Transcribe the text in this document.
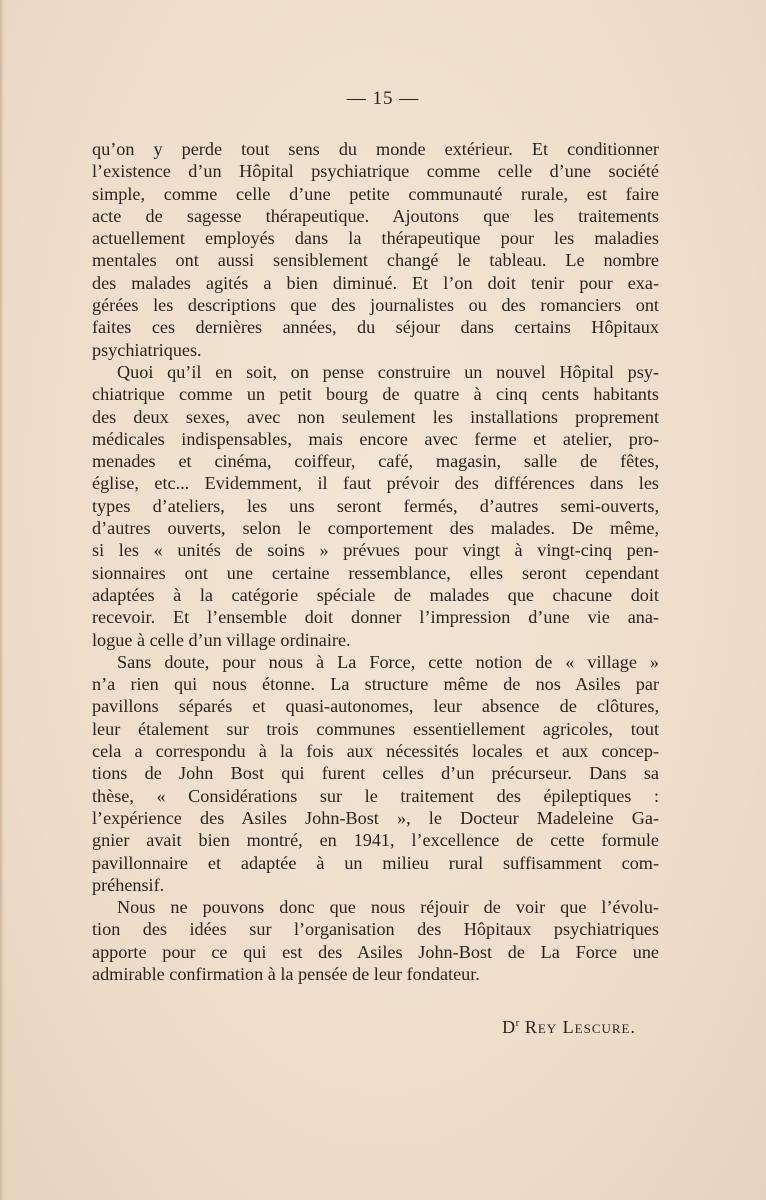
— 15 —
qu’on y perde tout sens du monde extérieur. Et conditionner
l’existence d’un Hôpital psychiatrique comme celle d’une société
simple, comme celle d’une petite communauté rurale, est faire
acte de sagesse thérapeutique. Ajoutons que les traitements
actuellement employés dans la thérapeutique pour les maladies
mentales ont aussi sensiblement changé le tableau. Le nombre
des malades agités a bien diminué. Et l’on doit tenir pour exa-
gérées les descriptions que des journalistes ou des romanciers ont
faites ces dernières années, du séjour dans certains Hôpitaux
psychiatriques.
Quoi qu’il en soit, on pense construire un nouvel Hôpital psy-
chiatrique comme un petit bourg de quatre à cinq cents habitants
des deux sexes, avec non seulement les installations proprement
médicales indispensables, mais encore avec ferme et atelier, pro-
menades et cinéma, coiffeur, café, magasin, salle de fêtes,
église, etc... Evidemment, il faut prévoir des différences dans les
types d’ateliers, les uns seront fermés, d’autres semi-ouverts,
d’autres ouverts, selon le comportement des malades. De même,
si les « unités de soins » prévues pour vingt à vingt-cinq pen-
sionnaires ont une certaine ressemblance, elles seront cependant
adaptées à la catégorie spéciale de malades que chacune doit
recevoir. Et l’ensemble doit donner l’impression d’une vie ana-
logue à celle d’un village ordinaire.
Sans doute, pour nous à La Force, cette notion de « village »
n’a rien qui nous étonne. La structure même de nos Asiles par
pavillons séparés et quasi-autonomes, leur absence de clôtures,
leur étalement sur trois communes essentiellement agricoles, tout
cela a correspondu à la fois aux nécessités locales et aux concep-
tions de John Bost qui furent celles d’un précurseur. Dans sa
thèse, « Considérations sur le traitement des épileptiques :
l’expérience des Asiles John-Bost », le Docteur Madeleine Ga-
gnier avait bien montré, en 1941, l’excellence de cette formule
pavillonnaire et adaptée à un milieu rural suffisamment com-
préhensif.
Nous ne pouvons donc que nous réjouir de voir que l’évolu-
tion des idées sur l’organisation des Hôpitaux psychiatriques
apporte pour ce qui est des Asiles John-Bost de La Force une
admirable confirmation à la pensée de leur fondateur.
$D^r$ Rey Lescure.
